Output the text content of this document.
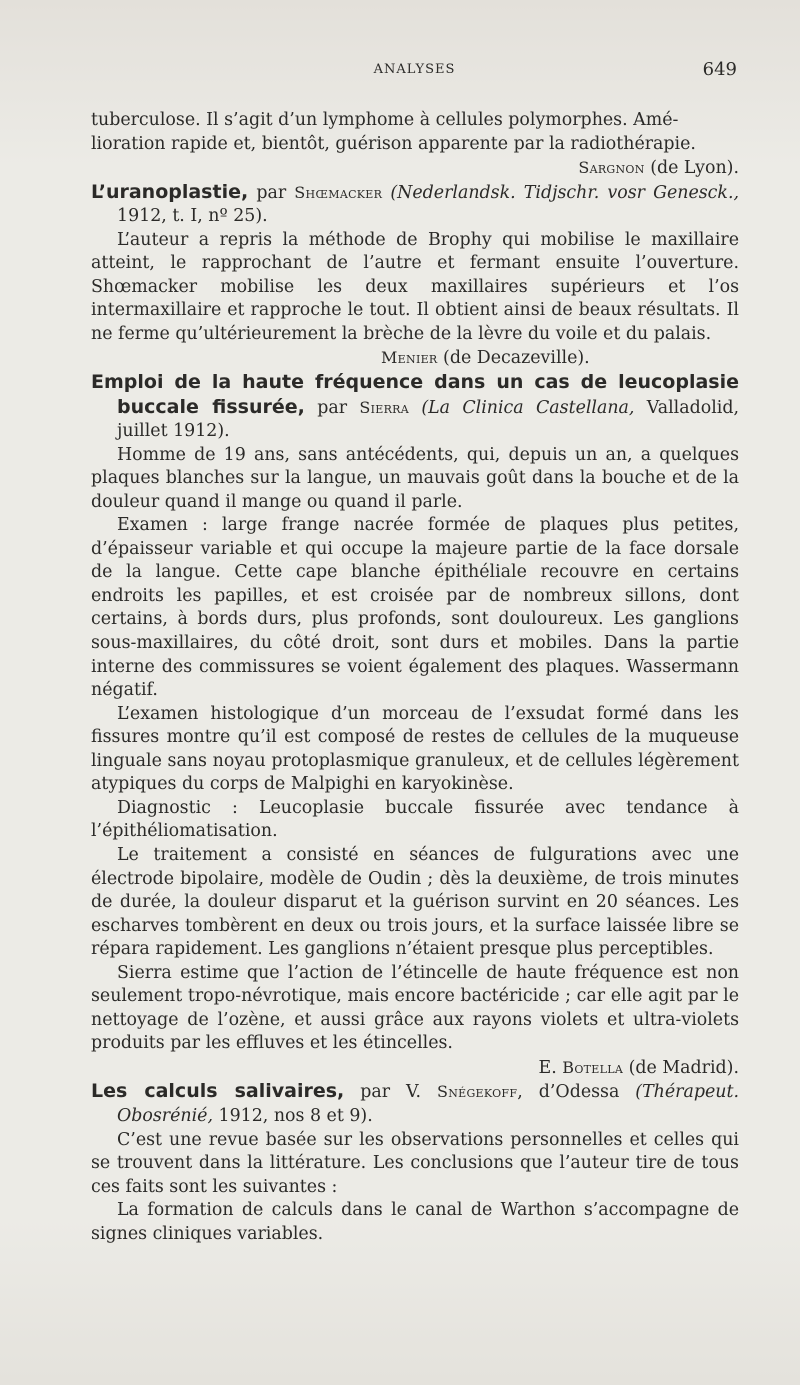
ANALYSES	649

tuberculose. Il s’agit d’un lymphome à cellules polymorphes. Amé-

lioration rapide et, bientôt, guérison apparente par la radiothérapie.

Sargnon (de Lyon).

L’uranoplastie, par Shœmacker (Nederlandsk. Tidjschr. vosr Genesck., 1912, t. I, nº 25).

L’auteur a repris la méthode de Brophy qui mobilise le maxillaire atteint, le rapprochant de l’autre et fermant ensuite l’ouverture. Shœmacker mobilise les deux maxillaires supérieurs et l’os intermaxillaire et rapproche le tout. Il obtient ainsi de beaux résultats. Il ne ferme qu’ultérieurement la brèche de la lèvre du voile et du palais.

Menier (de Decazeville).

Emploi de la haute fréquence dans un cas de leucoplasie buccale fissurée, par Sierra (La Clinica Castellana, Valladolid, juillet 1912).

Homme de 19 ans, sans antécédents, qui, depuis un an, a quelques plaques blanches sur la langue, un mauvais goût dans la bouche et de la douleur quand il mange ou quand il parle.

Examen : large frange nacrée formée de plaques plus petites, d’épaisseur variable et qui occupe la majeure partie de la face dorsale de la langue. Cette cape blanche épithéliale recouvre en certains endroits les papilles, et est croisée par de nombreux sillons, dont certains, à bords durs, plus profonds, sont douloureux. Les ganglions sous-maxillaires, du côté droit, sont durs et mobiles. Dans la partie interne des commissures se voient également des plaques. Wassermann négatif.

L’examen histologique d’un morceau de l’exsudat formé dans les fissures montre qu’il est composé de restes de cellules de la muqueuse linguale sans noyau protoplasmique granuleux, et de cellules légèrement atypiques du corps de Malpighi en karyokinèse.

Diagnostic : Leucoplasie buccale fissurée avec tendance à l’épithéliomatisation.

Le traitement a consisté en séances de fulgurations avec une électrode bipolaire, modèle de Oudin ; dès la deuxième, de trois minutes de durée, la douleur disparut et la guérison survint en 20 séances. Les escharves tombèrent en deux ou trois jours, et la surface laissée libre se répara rapidement. Les ganglions n’étaient presque plus perceptibles.

Sierra estime que l’action de l’étincelle de haute fréquence est non seulement tropo-névrotique, mais encore bactéricide ; car elle agit par le nettoyage de l’ozène, et aussi grâce aux rayons violets et ultra-violets produits par les effluves et les étincelles.

E. Botella (de Madrid).

Les calculs salivaires, par V. Snégekoff, d’Odessa (Thérapeut. Obosrénié, 1912, nos 8 et 9).

C’est une revue basée sur les observations personnelles et celles qui se trouvent dans la littérature. Les conclusions que l’auteur tire de tous ces faits sont les suivantes :

La formation de calculs dans le canal de Warthon s’accompagne de signes cliniques variables.
